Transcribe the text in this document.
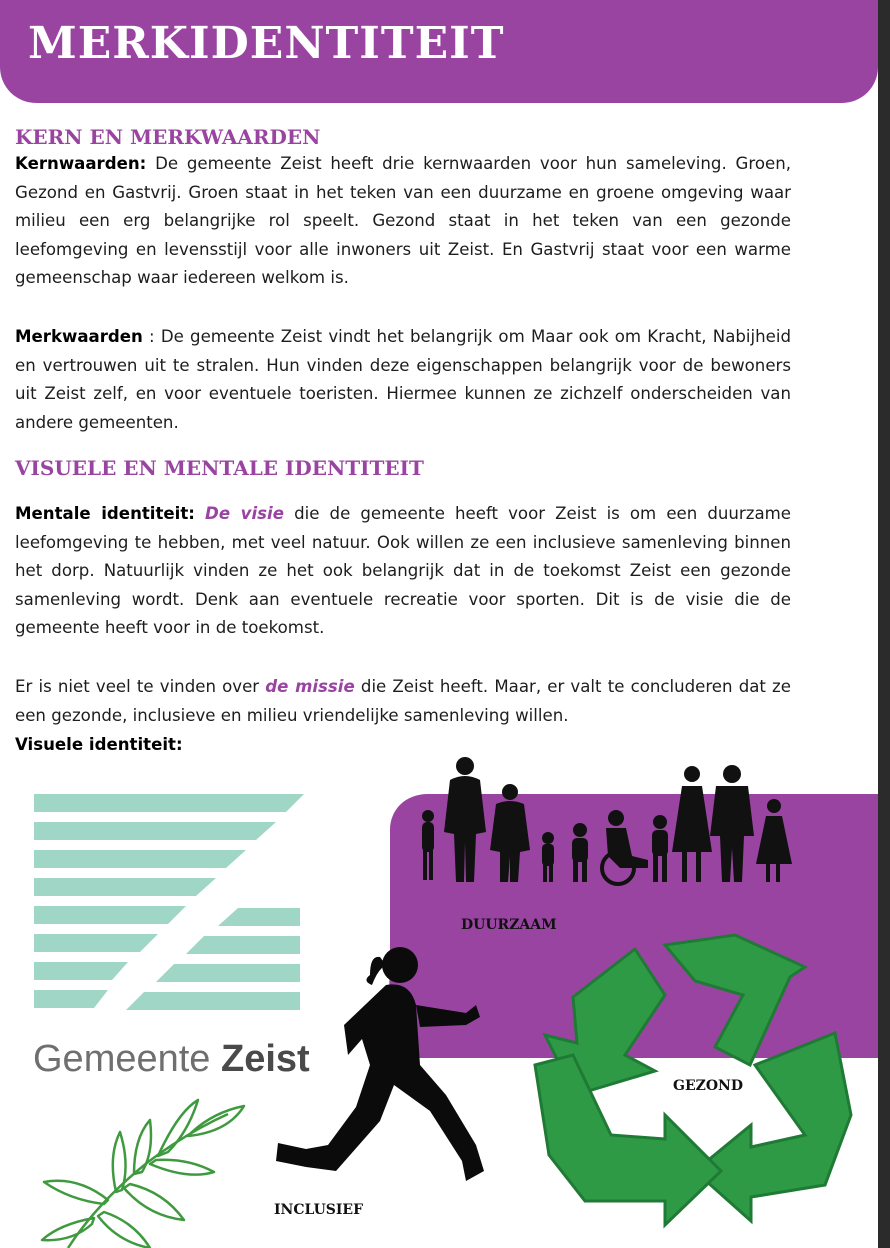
MERKIDENTITEIT
KERN EN MERKWAARDEN

Kernwaarden: De gemeente Zeist heeft drie kernwaarden voor hun sameleving. Groen, Gezond en Gastvrij. Groen staat in het teken van een duurzame en groene omgeving waar milieu een erg belangrijke rol speelt. Gezond staat in het teken van een gezonde leefomgeving en levensstijl voor alle inwoners uit Zeist. En Gastvrij staat voor een warme gemeenschap waar iedereen welkom is.

Merkwaarden : De gemeente Zeist vindt het belangrijk om Maar ook om Kracht, Nabijheid en vertrouwen uit te stralen. Hun vinden deze eigenschappen belangrijk voor de bewoners uit Zeist zelf, en voor eventuele toeristen. Hiermee kunnen ze zichzelf onderscheiden van andere gemeenten.

VISUELE EN MENTALE IDENTITEIT

Mentale identiteit: De visie die de gemeente heeft voor Zeist is om een duurzame leefomgeving te hebben, met veel natuur. Ook willen ze een inclusieve samenleving binnen het dorp. Natuurlijk vinden ze het ook belangrijk dat in de toekomst Zeist een gezonde samenleving wordt. Denk aan eventuele recreatie voor sporten. Dit is de visie die de gemeente heeft voor in de toekomst.

Er is niet veel te vinden over de missie die Zeist heeft. Maar, er valt te concluderen dat ze een gezonde, inclusieve en milieu vriendelijke samenleving willen.

Visuele identiteit:

Gemeente Zeist
DUURZAAM
GEZOND
INCLUSIEF
